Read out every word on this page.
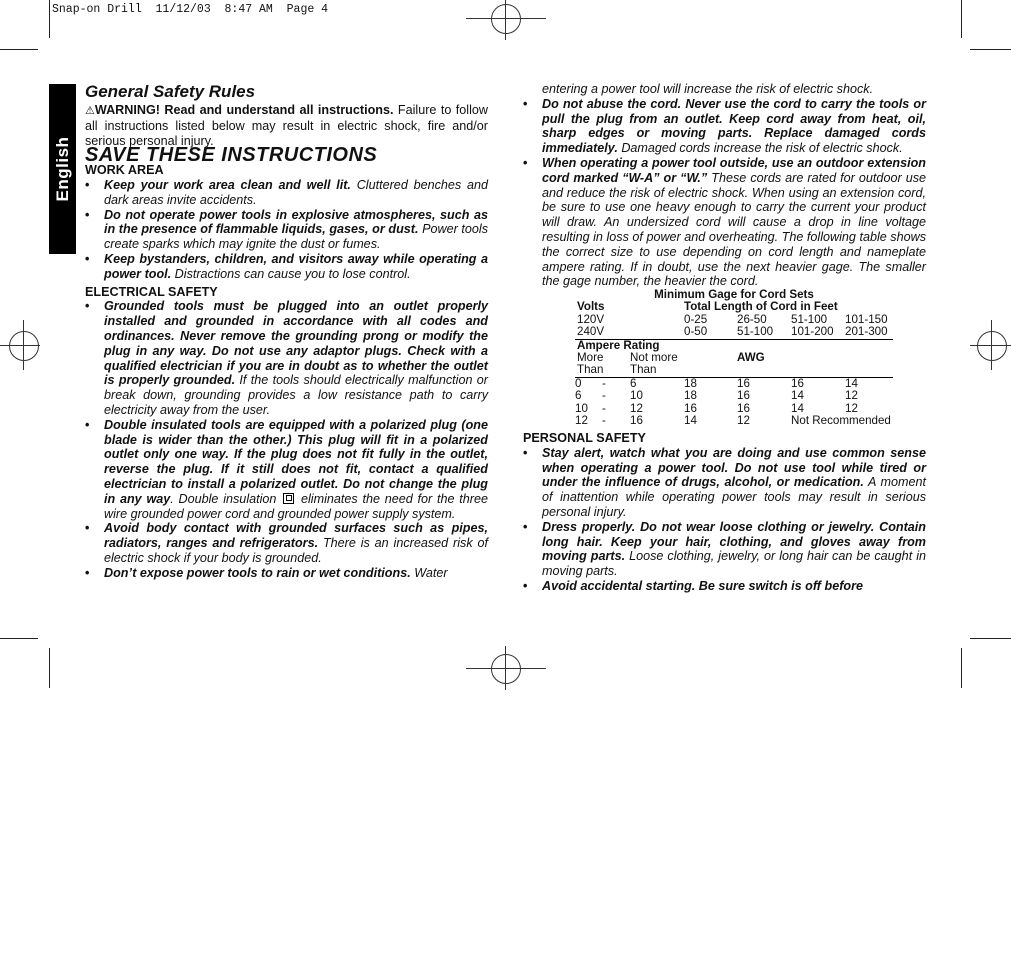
Snap-on Drill  11/12/03  8:47 AM  Page 4
English

General Safety Rules

⚠WARNING! Read and understand all instructions. Failure to follow all instructions listed below may result in electric shock, fire and/or serious personal injury.

SAVE THESE INSTRUCTIONS

WORK AREA

• Keep your work area clean and well lit. Cluttered benches and dark areas invite accidents.
• Do not operate power tools in explosive atmospheres, such as in the presence of flammable liquids, gases, or dust. Power tools create sparks which may ignite the dust or fumes.
• Keep bystanders, children, and visitors away while operating a power tool. Distractions can cause you to lose control.

ELECTRICAL SAFETY

• Grounded tools must be plugged into an outlet properly installed and grounded in accordance with all codes and ordinances. Never remove the grounding prong or modify the plug in any way. Do not use any adaptor plugs. Check with a qualified electrician if you are in doubt as to whether the outlet is properly grounded. If the tools should electrically malfunction or break down, grounding provides a low resistance path to carry electricity away from the user.
• Double insulated tools are equipped with a polarized plug (one blade is wider than the other.) This plug will fit in a polarized outlet only one way. If the plug does not fit fully in the outlet, reverse the plug. If it still does not fit, contact a qualified electrician to install a polarized outlet. Do not change the plug in any way. Double insulation  eliminates the need for the three wire grounded power cord and grounded power supply system.
• Avoid body contact with grounded surfaces such as pipes, radiators, ranges and refrigerators. There is an increased risk of electric shock if your body is grounded.
• Don’t expose power tools to rain or wet conditions. Water

entering a power tool will increase the risk of electric shock.

• Do not abuse the cord. Never use the cord to carry the tools or pull the plug from an outlet. Keep cord away from heat, oil, sharp edges or moving parts. Replace damaged cords immediately. Damaged cords increase the risk of electric shock.
• When operating a power tool outside, use an outdoor extension cord marked “W-A” or “W.” These cords are rated for outdoor use and reduce the risk of electric shock. When using an extension cord, be sure to use one heavy enough to carry the current your product will draw. An undersized cord will cause a drop in line voltage resulting in loss of power and overheating. The following table shows the correct size to use depending on cord length and nameplate ampere rating. If in doubt, use the next heavier gage. The smaller the gage number, the heavier the cord.
Minimum Gage for Cord Sets
Volts	Total Length of Cord in Feet
120V	0-25	26-50 51-100 101-150
240V	0-50	51-100 101-200 201-300
Ampere Rating
More Not more	AWG
Than Than
0 - 6	18	16	16	14
6 - 10	18	16	14	12
10 - 12	16	16	14	12
12 - 16	14	12	Not Recommended

PERSONAL SAFETY

• Stay alert, watch what you are doing and use common sense when operating a power tool. Do not use tool while tired or under the influence of drugs, alcohol, or medication. A moment of inattention while operating power tools may result in serious personal injury.
• Dress properly. Do not wear loose clothing or jewelry. Contain long hair. Keep your hair, clothing, and gloves away from moving parts. Loose clothing, jewelry, or long hair can be caught in moving parts.
• Avoid accidental starting. Be sure switch is off before
